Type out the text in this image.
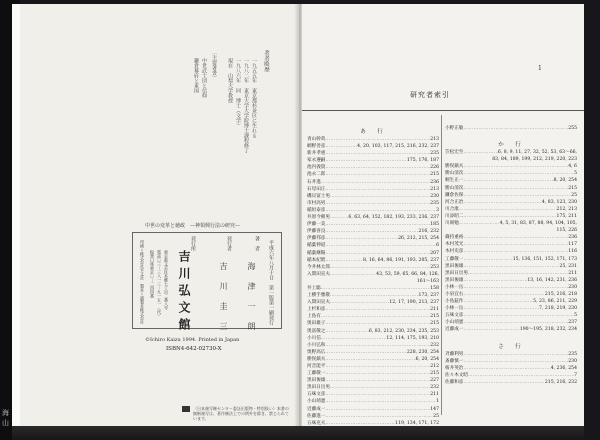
海
山
著者略歴
一九五五年　東京都杉並区に生れる
一九八二年　東京大学大学院博士課程修了
一九八六年　同　博士（文学）
現在　山梨大学教授
〔主要著書〕
中世武士団と信仰
鎌倉幕府と東国
平成六年八月十日　第一版第一刷発行
著　者
海　津　一　朗
発行者
吉　川　圭　三
発行所
吉川弘文館
東京都文京区本郷七丁目二番八号
電話〇三－三八一三－九一五一〈代〉
振替口座東京〇－二四四番
印刷＝株式会社平文社　製本＝誠製本株式会社
中世の変革と徳政　—神領興行法の研究—
©Ichiro Kaizu 1994. Printed in Japan
ISBN4-642-02730-X
〈日本複写権センター委託出版物・特別扱い〉本書の無断複写は、著作権法上での例外を除き、禁じられています。
1
研究者索引
あ　行
青山幹哉 ……………………………………………………………………………………	213
網野善彦 ……………………………………………………………………………………	4, 20, 103, 117, 215, 216, 232, 237
新井孝重 ……………………………………………………………………………………	235
家永遵嗣 ……………………………………………………………………………………	175, 176, 187
池内義資 ……………………………………………………………………………………	226
池永二郎 ……………………………………………………………………………………	215
石井進 ……………………………………………………………………………………	236
石母田正 ……………………………………………………………………………………	213
磯貝富士男 ……………………………………………………………………………………	230
市村高男 ……………………………………………………………………………………	235
稲垣泰彦 ……………………………………………………………………………………	3
井原今朝男 ……………………………………………………………………………………	6, 63, 64, 152, 182, 193, 233, 236, 237
伊藤一美 ……………………………………………………………………………………	185
伊藤喜良 ……………………………………………………………………………………	216, 232
伊藤邦彦 ……………………………………………………………………………………	26, 212, 215, 254
稲葉伸道 ……………………………………………………………………………………	6
稲葉継陽 ……………………………………………………………………………………	207
稲本紀昭 ……………………………………………………………………………………	8, 16, 64, 86, 191, 193, 205, 237
今井林太郎 ……………………………………………………………………………………	253
入間田宣夫 ……………………………………………………………………………………	43, 53, 59, 65, 66, 84, 126,
161〜163
井上聡 ……………………………………………………………………………………	158
上横手雅敬 ……………………………………………………………………………………	173, 237
入間田宣夫 ……………………………………………………………………………………	12, 17, 190, 213, 237
上杉和彦 ……………………………………………………………………………………	211
上島有 ……………………………………………………………………………………	215
奥田雄子 ……………………………………………………………………………………	215
奥富敬之 ……………………………………………………………………………………	6, 83, 212, 230, 234, 235, 253
小川信 ……………………………………………………………………………………	12, 114, 175, 193, 210
小川弘和 ……………………………………………………………………………………	232
奥野高広 ……………………………………………………………………………………	228, 230, 254
勝俣鎮夫 ……………………………………………………………………………………	6, 20, 254
河音能平 ……………………………………………………………………………………	212
工藤敬一 ……………………………………………………………………………………	215
黒田俊雄 ……………………………………………………………………………………	227
黒田日出男 ……………………………………………………………………………………	232
五味文彦 ……………………………………………………………………………………	211
小山靖憲 ……………………………………………………………………………………	1
近藤成一 ……………………………………………………………………………………	147
佐藤進一 ……………………………………………………………………………………	25
五味克夫 ……………………………………………………………………………………	119, 134, 171, 172
小野正敏 ……………………………………………………………………………………	255
か　行
笠松宏至 ……………………………………………………………………………………	6, 8, 9, 11, 27, 32, 52, 53, 63〜66,
83, 84, 189, 199, 212, 219, 220, 223
勝俣鎮夫 ……………………………………………………………………………………	4, 6
勝山清次 ……………………………………………………………………………………	5
桐生正一 ……………………………………………………………………………………	8, 20, 254
勝山清次 ……………………………………………………………………………………	215
鎌倉佐保 ……………………………………………………………………………………	25
河合正治 ……………………………………………………………………………………	4, 83, 123, 230
川合康 ……………………………………………………………………………………	212, 213
川添昭二 ……………………………………………………………………………………	175, 211
川岡勉 ……………………………………………………………………………………	4, 5, 31, 83, 87, 88, 94, 104, 105,
115, 226
蔵持重裕 ……………………………………………………………………………………	236
木村茂光 ……………………………………………………………………………………	117
木村史彦 ……………………………………………………………………………………	116
工藤敬一 ……………………………………………………………………………………	15, 136, 151, 152, 171, 173
黒田俊雄 ……………………………………………………………………………………	25, 231
黒田日出男 ……………………………………………………………………………………	211
黒田俊雄 ……………………………………………………………………………………	13, 16, 142, 231, 236
小林一岳 ……………………………………………………………………………………	230
小泉宜右 ……………………………………………………………………………………	215, 216, 218
小島鉦作 ……………………………………………………………………………………	5, 23, 86, 211, 229
小林一岳 ……………………………………………………………………………………	7, 218, 219, 230
五味文彦 ……………………………………………………………………………………	5
小山靖憲 ……………………………………………………………………………………	237
近藤成一 ……………………………………………………………………………………	190〜195, 218, 232, 234
さ　行
斉藤利男 ……………………………………………………………………………………	235
斎藤慎一 ……………………………………………………………………………………	230
桜井英治 ……………………………………………………………………………………	4, 236, 254
佐々木文昭 ……………………………………………………………………………………	7
佐藤和彦 ……………………………………………………………………………………	215, 216, 232
